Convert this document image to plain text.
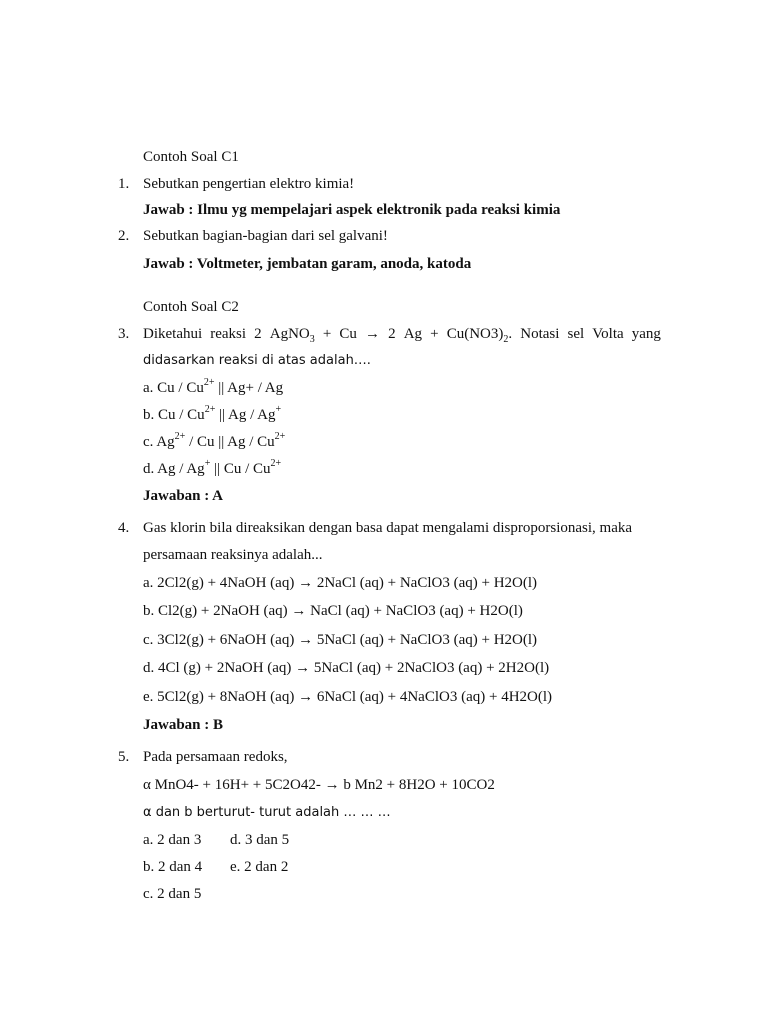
Contoh Soal C1
1. Sebutkan pengertian elektro kimia!
Jawab : Ilmu yg mempelajari aspek elektronik pada reaksi kimia
2. Sebutkan bagian-bagian dari sel galvani!
Jawab : Voltmeter, jembatan garam, anoda, katoda
Contoh Soal C2
3. Diketahui reaksi 2 AgNO$_3$ + Cu → 2 $Ag + Cu(NO3)_2$. Notasi sel Volta yang
didasarkan reaksi di atas adalah….
a. Cu / $Cu^{2+}$ || Ag+ / Ag
b. Cu / $Cu^{2+}$ || Ag / Ag+
c. $Ag^{2+}$ / Cu || Ag / $Cu^{2+}$
d. Ag / Ag+ || Cu / $Cu^{2+}$
Jawaban : A
4. Gas klorin bila direaksikan dengan basa dapat mengalami disproporsionasi, maka
persamaan reaksinya adalah...
a. 2Cl2(g) + 4NaOH (aq) → 2NaCl (aq) + NaClO3 (aq) + H2O(l)
b. Cl2(g) + 2NaOH (aq) → NaCl (aq) + NaClO3 (aq) + H2O(l)
c. 3Cl2(g) + 6NaOH (aq) → 5NaCl (aq) + NaClO3 (aq) + H2O(l)
d. 4Cl (g) + 2NaOH (aq) → 5NaCl (aq) + 2NaClO3 (aq) + 2H2O(l)
e. 5Cl2(g) + 8NaOH (aq) → 6NaCl (aq) + 4NaClO3 (aq) + 4H2O(l)
Jawaban : B
5. Pada persamaan redoks,
α MnO4- + 16H+ + 5C2O42- → b Mn2 + 8H2O + 10CO2
α dan b berturut- turut adalah … … …
a. 2 dan 3 d. 3 dan 5
b. 2 dan 4 e. 2 dan 2
c. 2 dan 5
